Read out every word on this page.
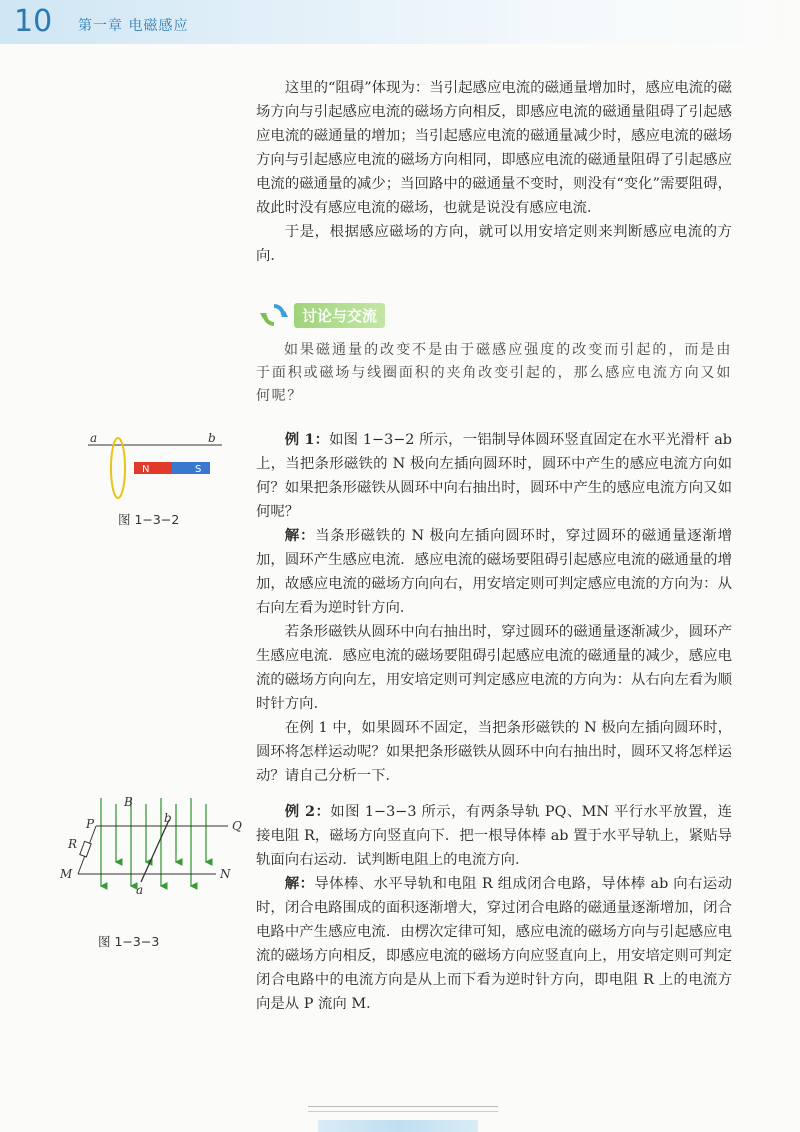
10 第一章 电磁感应

这里的“阻碍”体现为：当引起感应电流的磁通量增加时，感应电流的磁场方向与引起感应电流的磁场方向相反，即感应电流的磁通量阻碍了引起感应电流的磁通量的增加；当引起感应电流的磁通量减少时，感应电流的磁场方向与引起感应电流的磁场方向相同，即感应电流的磁通量阻碍了引起感应电流的磁通量的减少；当回路中的磁通量不变时，则没有“变化”需要阻碍，故此时没有感应电流的磁场，也就是说没有感应电流．

于是，根据感应磁场的方向，就可以用安培定则来判断感应电流的方向．

讨论与交流

如果磁通量的改变不是由于磁感应强度的改变而引起的，而是由于面积或磁场与线圈面积的夹角改变引起的，那么感应电流方向又如何呢？

例 1：如图 1−3−2 所示，一铝制导体圆环竖直固定在水平光滑杆 ab 上，当把条形磁铁的 N 极向左插向圆环时，圆环中产生的感应电流方向如何？如果把条形磁铁从圆环中向右抽出时，圆环中产生的感应电流方向又如何呢？

解：当条形磁铁的 N 极向左插向圆环时，穿过圆环的磁通量逐渐增加，圆环产生感应电流．感应电流的磁场要阻碍引起感应电流的磁通量的增加，故感应电流的磁场方向向右，用安培定则可判定感应电流的方向为：从右向左看为逆时针方向．

若条形磁铁从圆环中向右抽出时，穿过圆环的磁通量逐渐减少，圆环产生感应电流．感应电流的磁场要阻碍引起感应电流的磁通量的减少，感应电流的磁场方向向左，用安培定则可判定感应电流的方向为：从右向左看为顺时针方向．

在例 1 中，如果圆环不固定，当把条形磁铁的 N 极向左插向圆环时，圆环将怎样运动呢？如果把条形磁铁从圆环中向右抽出时，圆环又将怎样运动？请自己分析一下．

a	b
N	S
图 1−3−2

例 2：如图 1−3−3 所示，有两条导轨 PQ、MN 平行水平放置，连接电阻 R，磁场方向竖直向下．把一根导体棒 ab 置于水平导轨上，紧贴导轨面向右运动．试判断电阻上的电流方向．

解：导体棒、水平导轨和电阻 R 组成闭合电路，导体棒 ab 向右运动时，闭合电路围成的面积逐渐增大，穿过闭合电路的磁通量逐渐增加，闭合电路中产生感应电流．由楞次定律可知，感应电流的磁场方向与引起感应电流的磁场方向相反，即感应电流的磁场方向应竖直向上，用安培定则可判定闭合电路中的电流方向是从上而下看为逆时针方向，即电阻 R 上的电流方向是从 P 流向 M．

B
P	Q
R
M	N
a
b
图 1−3−3
